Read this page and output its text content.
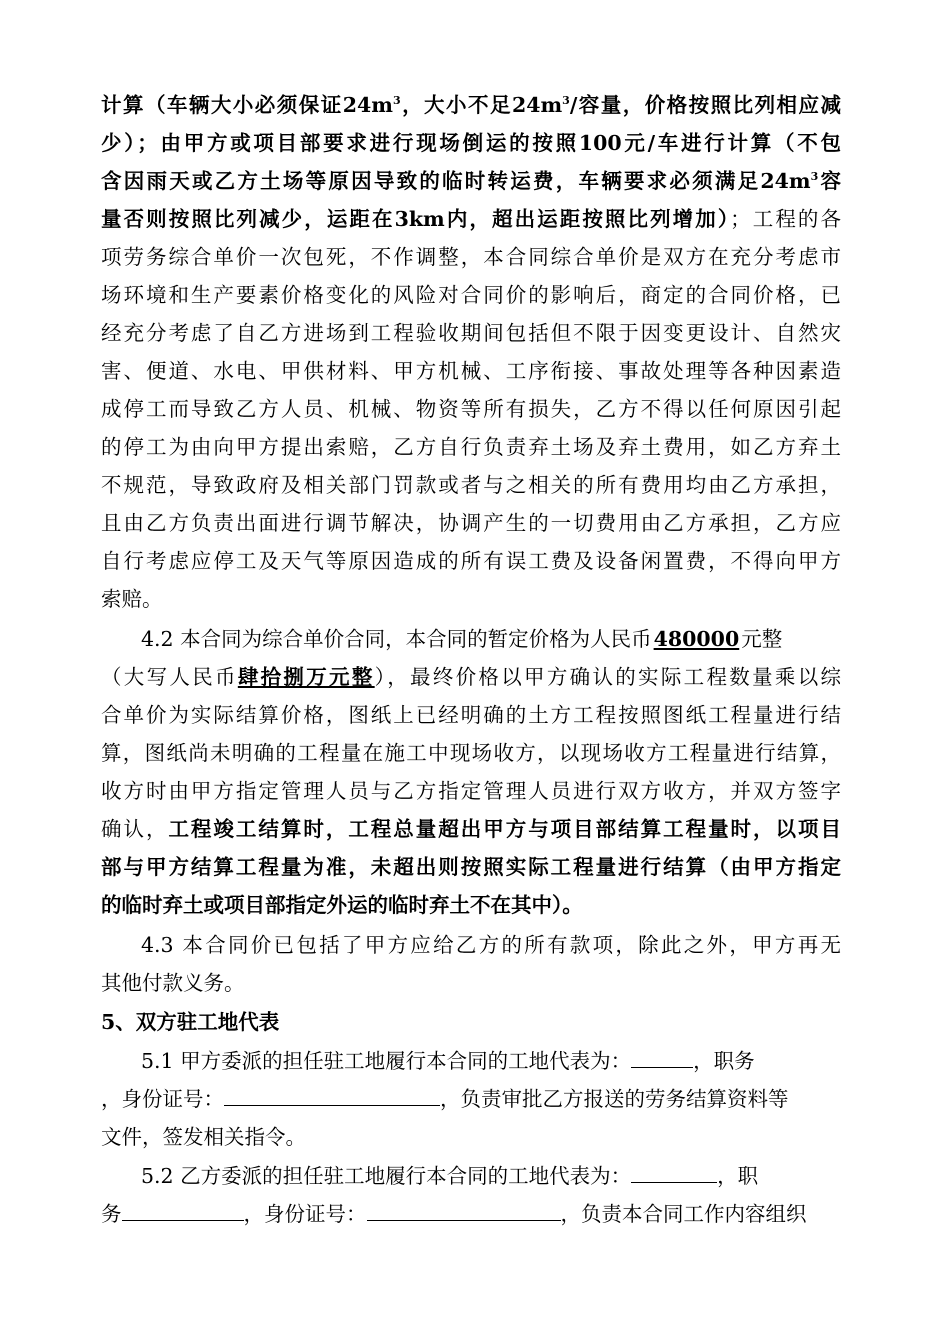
计算（车辆大小必须保证$24m^3$，大小不足$24m^3/$容量，价格按照比列相应减
少）；由甲方或项目部要求进行现场倒运的按照100元/车进行计算（不包
含因雨天或乙方土场等原因导致的临时转运费，车辆要求必须满足$24m^3$容
量否则按照比列减少，运距在3km内，超出运距按照比列增加）；工程的各
项劳务综合单价一次包死，不作调整，本合同综合单价是双方在充分考虑市
场环境和生产要素价格变化的风险对合同价的影响后，商定的合同价格，已
经充分考虑了自乙方进场到工程验收期间包括但不限于因变更设计、自然灾
害、便道、水电、甲供材料、甲方机械、工序衔接、事故处理等各种因素造
成停工而导致乙方人员、机械、物资等所有损失，乙方不得以任何原因引起
的停工为由向甲方提出索赔，乙方自行负责弃土场及弃土费用，如乙方弃土
不规范，导致政府及相关部门罚款或者与之相关的所有费用均由乙方承担，
且由乙方负责出面进行调节解决，协调产生的一切费用由乙方承担，乙方应
自行考虑应停工及天气等原因造成的所有误工费及设备闲置费，不得向甲方
索赔。
4.2 本合同为综合单价合同，本合同的暂定价格为人民币480000元整
（大写人民币肆拾捌万元整），最终价格以甲方确认的实际工程数量乘以综
合单价为实际结算价格，图纸上已经明确的土方工程按照图纸工程量进行结
算，图纸尚未明确的工程量在施工中现场收方，以现场收方工程量进行结算，
收方时由甲方指定管理人员与乙方指定管理人员进行双方收方，并双方签字
确认，工程竣工结算时，工程总量超出甲方与项目部结算工程量时，以项目
部与甲方结算工程量为准，未超出则按照实际工程量进行结算（由甲方指定
的临时弃土或项目部指定外运的临时弃土不在其中）。
4.3 本合同价已包括了甲方应给乙方的所有款项，除此之外，甲方再无
其他付款义务。
5、双方驻工地代表
5.1 甲方委派的担任驻工地履行本合同的工地代表为：	，职务
，身份证号：	，负责审批乙方报送的劳务结算资料等
文件，签发相关指令。
5.2 乙方委派的担任驻工地履行本合同的工地代表为：	，职
务	，身份证号：	，负责本合同工作内容组织
